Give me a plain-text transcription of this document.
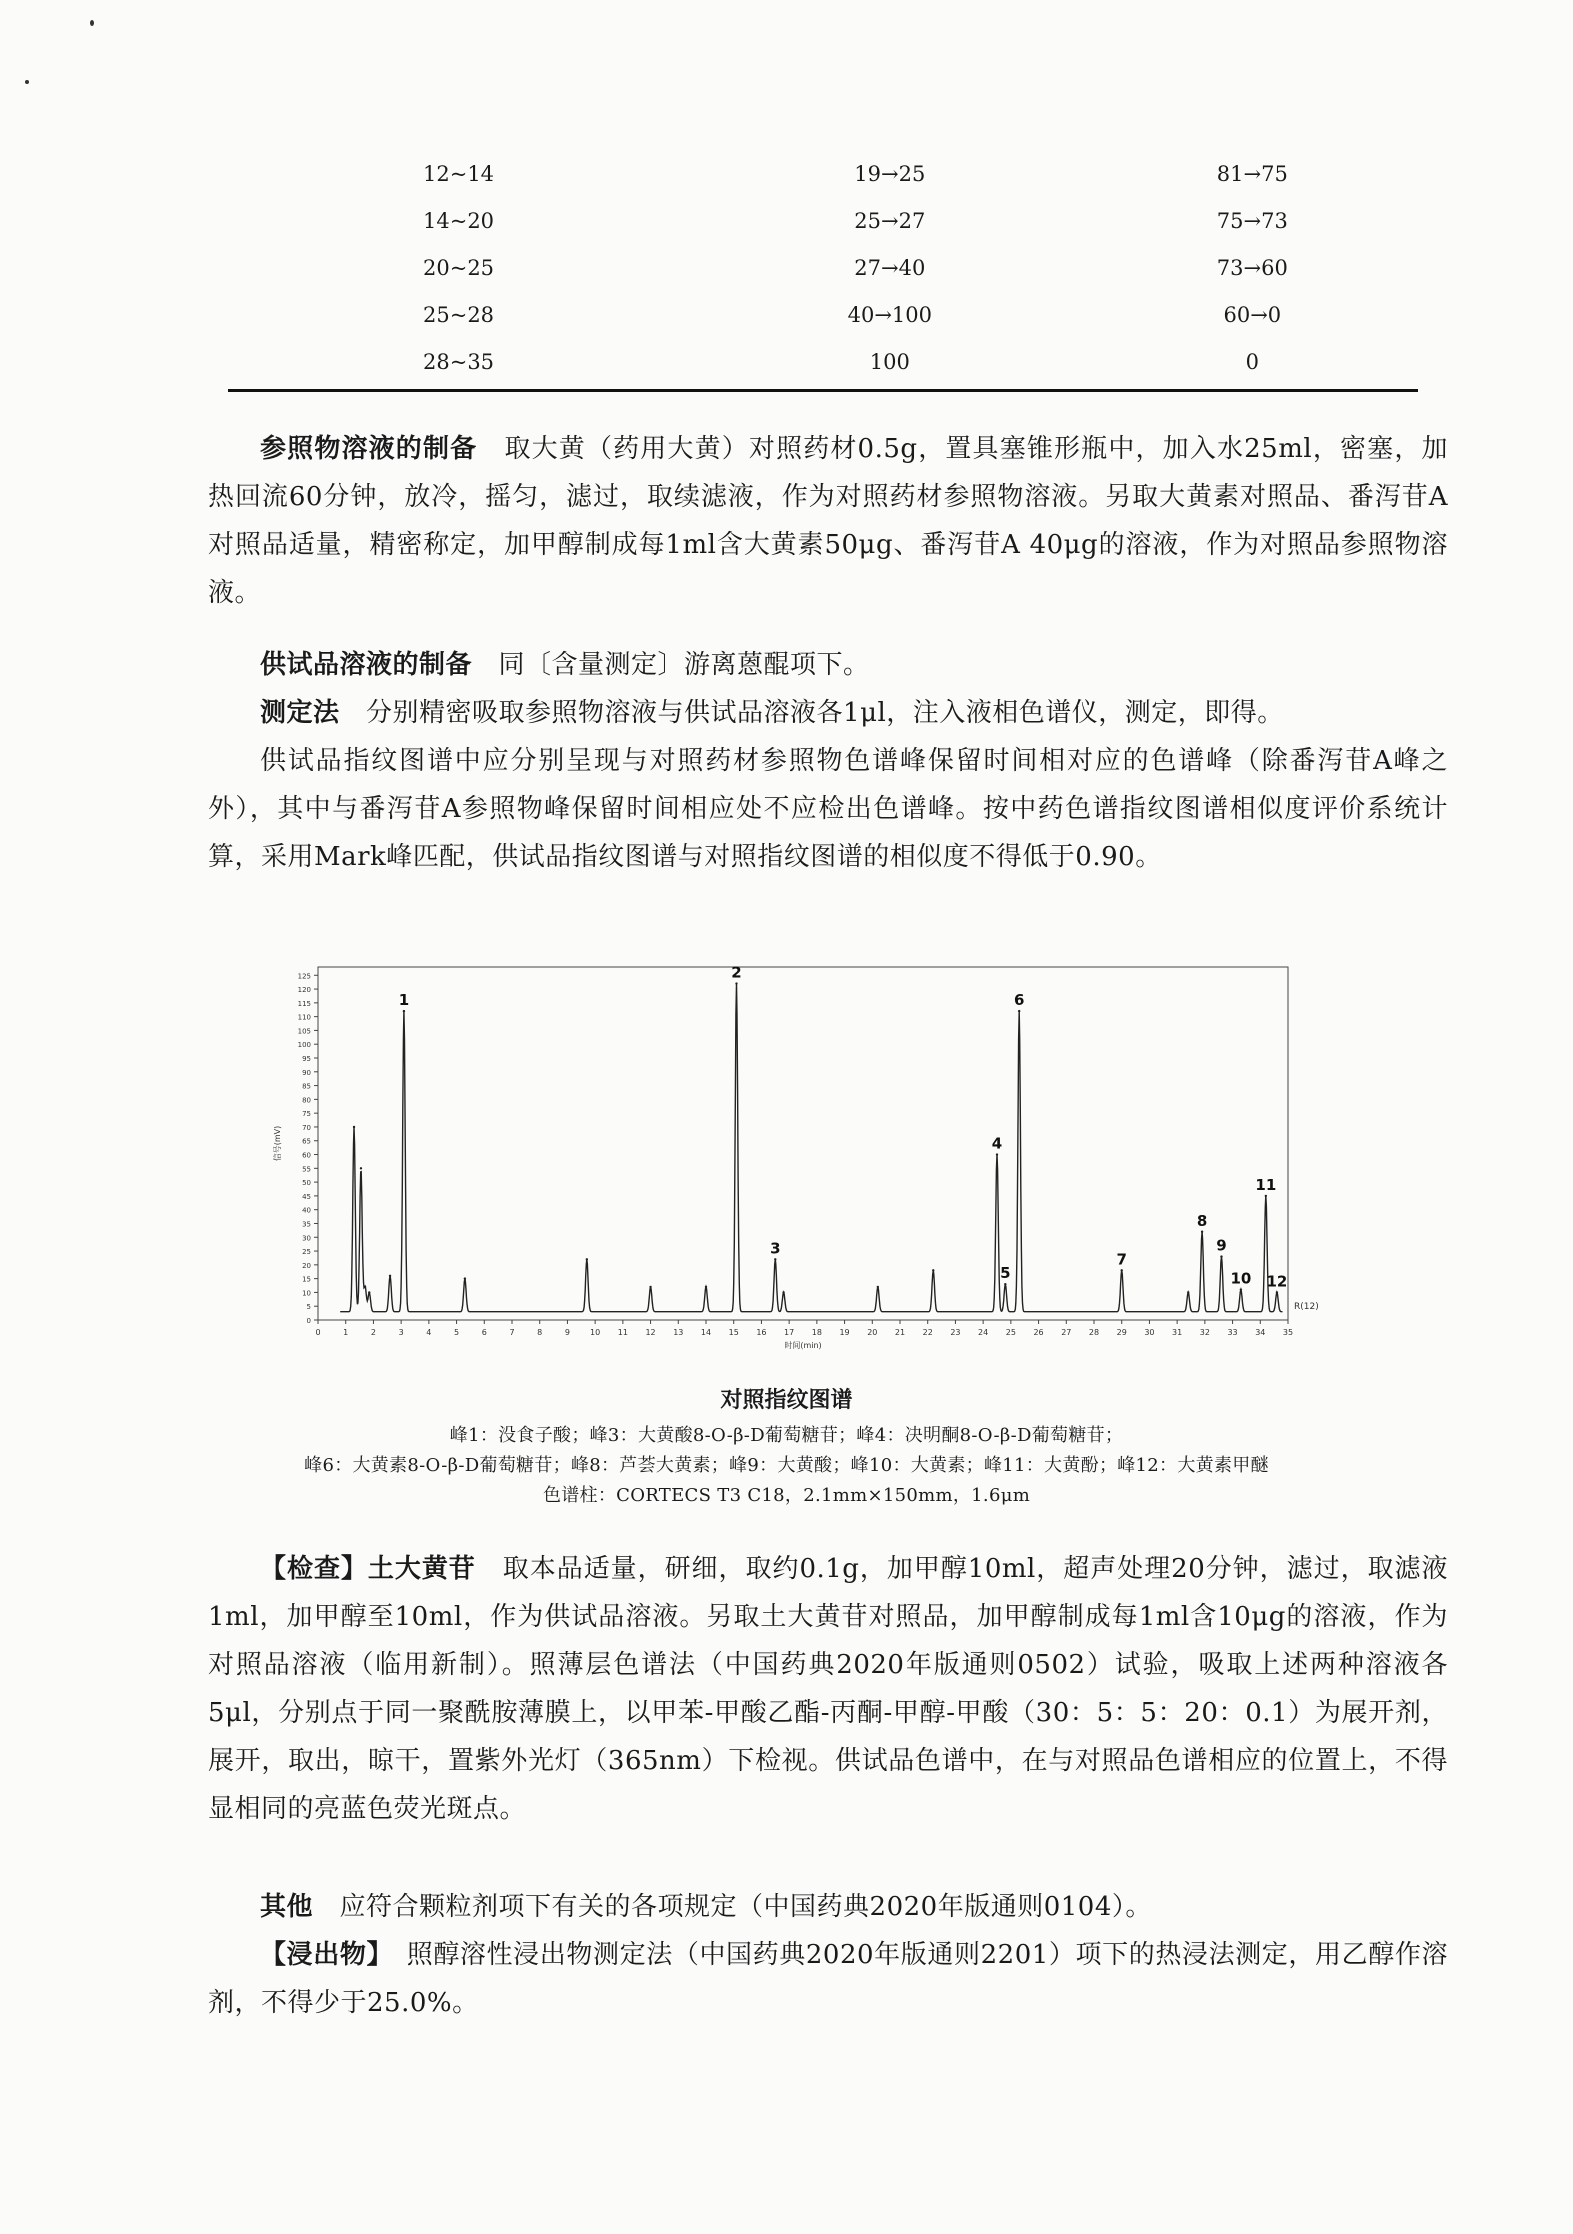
12~14	19→25	81→75
14~20	25→27	75→73
20~25	27→40	73→60
25~28	40→100	60→0
28~35	100	0

参照物溶液的制备　 取大黄（药用大黄）对照药材0.5g，置具塞锥形瓶中，加入水25ml，密塞，加热回流60分钟，放冷，摇匀，滤过，取续滤液，作为对照药材参照物溶液。另取大黄素对照品、番泻苷A对照品适量，精密称定，加甲醇制成每1ml含大黄素50μg、番泻苷A 40μg的溶液，作为对照品参照物溶液。

供试品溶液的制备　 同〔含量测定〕游离蒽醌项下。

测定法　 分别精密吸取参照物溶液与供试品溶液各1μl，注入液相色谱仪，测定，即得。

供试品指纹图谱中应分别呈现与对照药材参照物色谱峰保留时间相对应的色谱峰（除番泻苷A峰之外），其中与番泻苷A参照物峰保留时间相应处不应检出色谱峰。按中药色谱指纹图谱相似度评价系统计算，采用Mark峰匹配，供试品指纹图谱与对照指纹图谱的相似度不得低于0.90。

0	1	2	3	4	5	6	7	8	9	10 11 12 13 14 15 16 17 18 19 20 21 22 23 24 25 26 27 28 29 30 31 32 33 34 35
0
5
10
15
20
25
30
35
40
45
50
55
60
65
70
75
80
85
90
95
100
105
110
115
120
125
信号(mV)
时间(min)
R(12)
1
2
3
4
5
6
7
8
9
10
11
12
对照指纹图谱
峰1：没食子酸；峰3：大黄酸8-O-β-D葡萄糖苷；峰4：决明酮8-O-β-D葡萄糖苷；
峰6：大黄素8-O-β-D葡萄糖苷；峰8：芦荟大黄素；峰9：大黄酸；峰10：大黄素；峰11：大黄酚；峰12：大黄素甲醚
色谱柱：CORTECS T3 C18，2.1mm×150mm，1.6μm

【检查】土大黄苷　 取本品适量，研细，取约0.1g，加甲醇10ml，超声处理20分钟，滤过，取滤液1ml，加甲醇至10ml，作为供试品溶液。另取土大黄苷对照品，加甲醇制成每1ml含10μg的溶液，作为对照品溶液（临用新制）。照薄层色谱法（中国药典2020年版通则0502）试验，吸取上述两种溶液各5μl，分别点于同一聚酰胺薄膜上，以甲苯-甲酸乙酯-丙酮-甲醇-甲酸（30：5：5：20：0.1）为展开剂，展开，取出，晾干，置紫外光灯（365nm）下检视。供试品色谱中，在与对照品色谱相应的位置上，不得显相同的亮蓝色荧光斑点。

其他　 应符合颗粒剂项下有关的各项规定（中国药典2020年版通则0104）。

【浸出物】　 照醇溶性浸出物测定法（中国药典2020年版通则2201）项下的热浸法测定，用乙醇作溶剂，不得少于25.0%。
